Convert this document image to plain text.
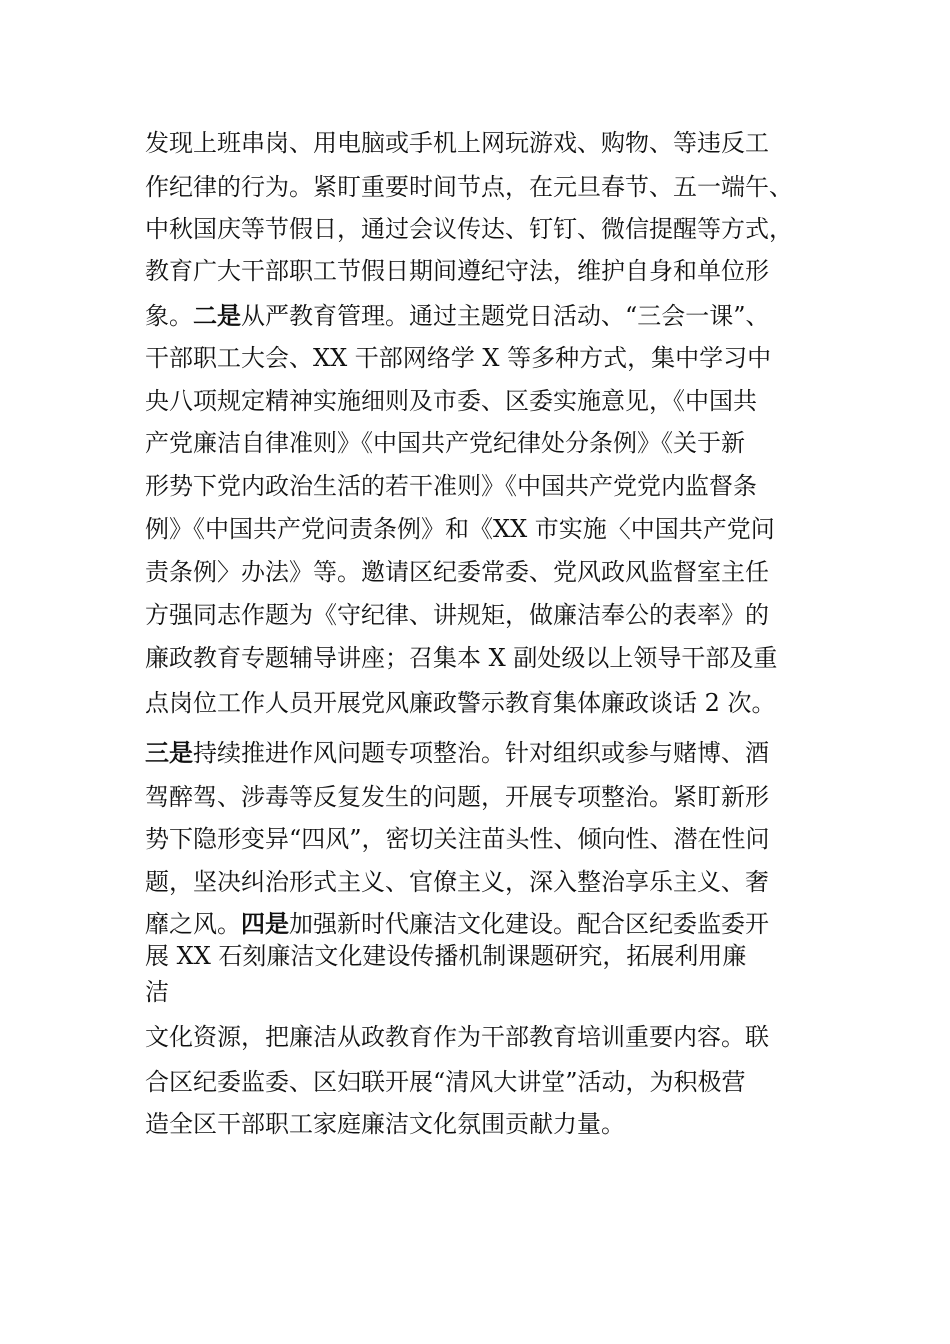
发现上班串岗、用电脑或手机上网玩游戏、购物、等违反工
作纪律的行为。紧盯重要时间节点，在元旦春节、五一端午、
中秋国庆等节假日，通过会议传达、钉钉、微信提醒等方式，
教育广大干部职工节假日期间遵纪守法，维护自身和单位形
象。二是从严教育管理。通过主题党日活动、“三会一课”、
干部职工大会、XX 干部网络学 X 等多种方式，集中学习中
央八项规定精神实施细则及市委、区委实施意见，《中国共
产党廉洁自律准则》《中国共产党纪律处分条例》《关于新
形势下党内政治生活的若干准则》《中国共产党党内监督条
例》《中国共产党问责条例》和《XX 市实施〈中国共产党问
责条例〉办法》等。邀请区纪委常委、党风政风监督室主任
方强同志作题为《守纪律、讲规矩，做廉洁奉公的表率》的
廉政教育专题辅导讲座；召集本 X 副处级以上领导干部及重
点岗位工作人员开展党风廉政警示教育集体廉政谈话 2 次。
三是持续推进作风问题专项整治。针对组织或参与赌博、酒
驾醉驾、涉毒等反复发生的问题，开展专项整治。紧盯新形
势下隐形变异“四风”，密切关注苗头性、倾向性、潜在性问
题，坚决纠治形式主义、官僚主义，深入整治享乐主义、奢
靡之风。四是加强新时代廉洁文化建设。配合区纪委监委开
展 XX 石刻廉洁文化建设传播机制课题研究，拓展利用廉
洁
文化资源，把廉洁从政教育作为干部教育培训重要内容。联
合区纪委监委、区妇联开展“清风大讲堂”活动，为积极营
造全区干部职工家庭廉洁文化氛围贡献力量。
